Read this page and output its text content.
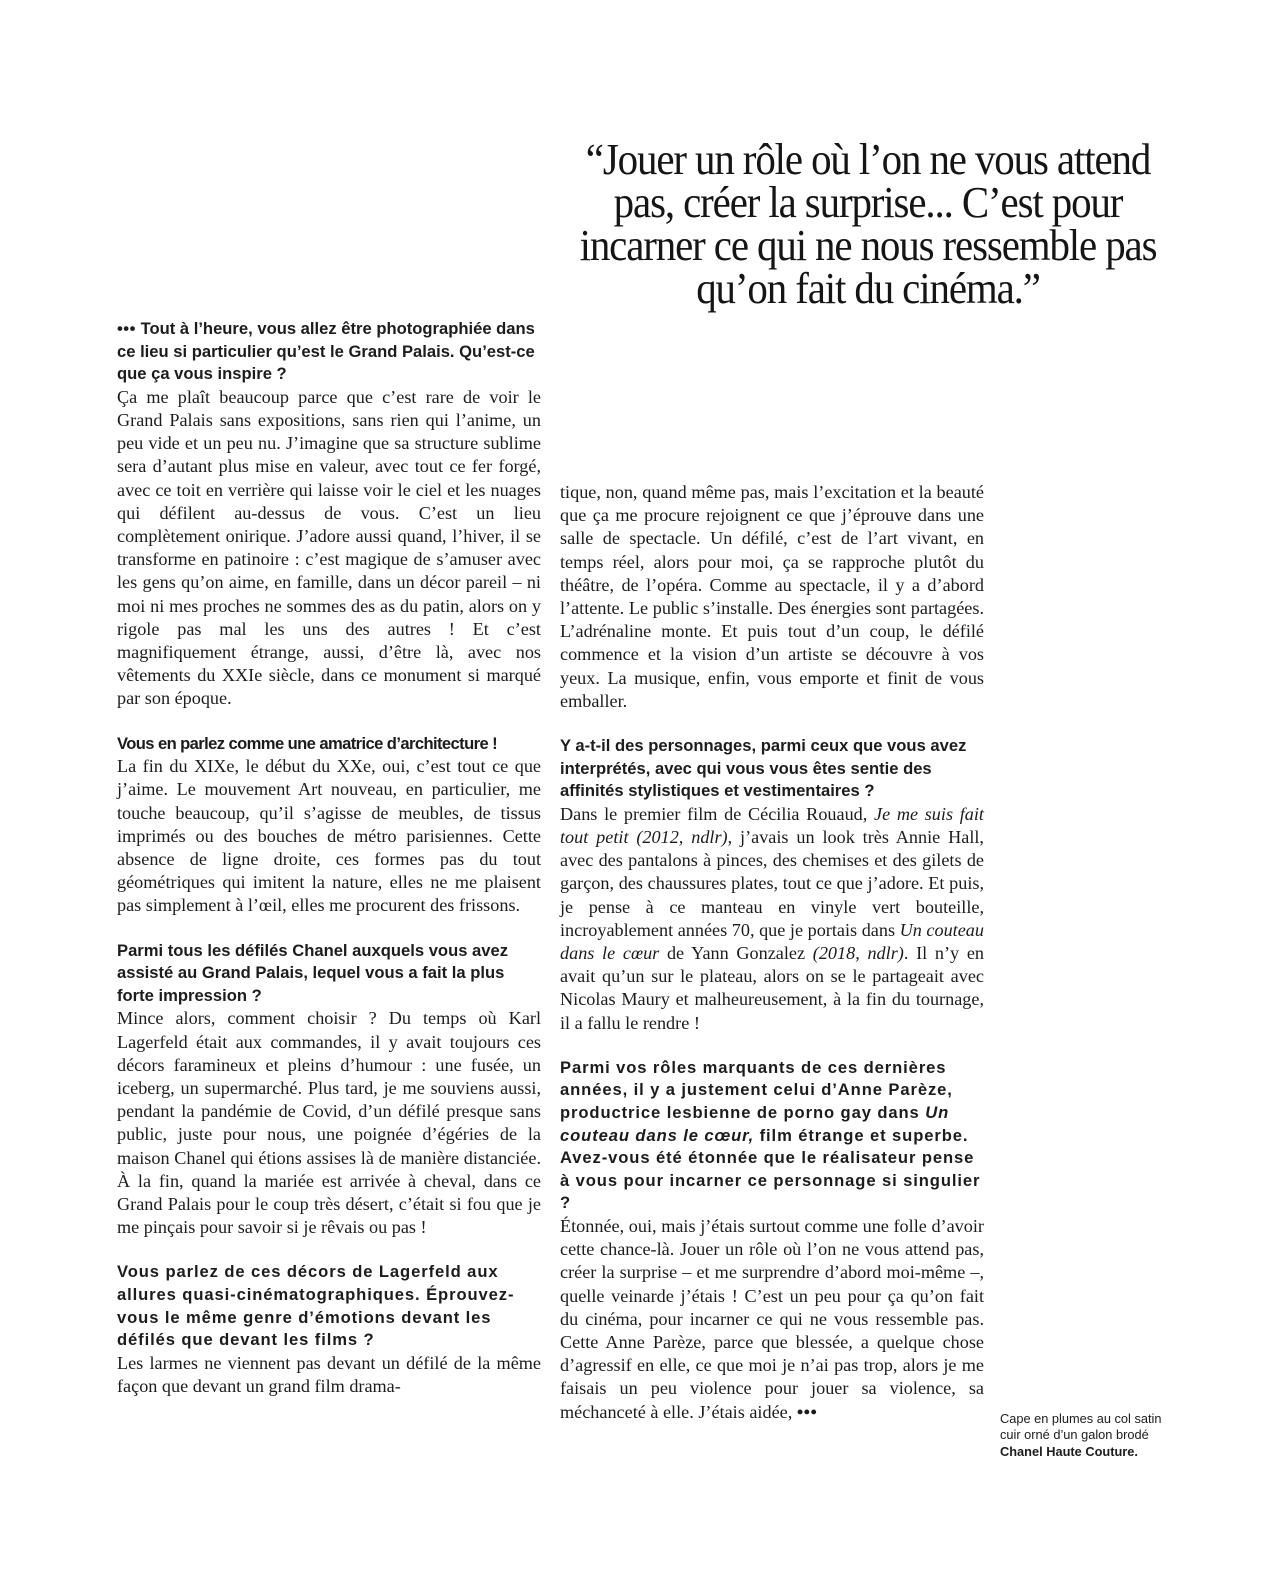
“Jouer un rôle où l’on ne vous attend pas, créer la surprise... C’est pour incarner ce qui ne nous ressemble pas qu’on fait du cinéma.”

••• Tout à l’heure, vous allez être photographiée dans ce lieu si particulier qu’est le Grand Palais. Qu’est-ce que ça vous inspire ?

Ça me plaît beaucoup parce que c’est rare de voir le Grand Palais sans expositions, sans rien qui l’anime, un peu vide et un peu nu. J’imagine que sa structure sublime sera d’autant plus mise en valeur, avec tout ce fer forgé, avec ce toit en verrière qui laisse voir le ciel et les nuages qui défilent au-dessus de vous. C’est un lieu complètement onirique. J’adore aussi quand, l’hiver, il se transforme en patinoire : c’est magique de s’amuser avec les gens qu’on aime, en famille, dans un décor pareil – ni moi ni mes proches ne sommes des as du patin, alors on y rigole pas mal les uns des autres ! Et c’est magnifiquement étrange, aussi, d’être là, avec nos vêtements du XXIe siècle, dans ce monument si marqué par son époque.

Vous en parlez comme une amatrice d’architecture !

La fin du XIXe, le début du XXe, oui, c’est tout ce que j’aime. Le mouvement Art nouveau, en particulier, me touche beaucoup, qu’il s’agisse de meubles, de tissus imprimés ou des bouches de métro parisiennes. Cette absence de ligne droite, ces formes pas du tout géométriques qui imitent la nature, elles ne me plaisent pas simplement à l’œil, elles me procurent des frissons.

Parmi tous les défilés Chanel auxquels vous avez assisté au Grand Palais, lequel vous a fait la plus forte impression ?

Mince alors, comment choisir ? Du temps où Karl Lagerfeld était aux commandes, il y avait toujours ces décors faramineux et pleins d’humour : une fusée, un iceberg, un supermarché. Plus tard, je me souviens aussi, pendant la pandémie de Covid, d’un défilé presque sans public, juste pour nous, une poignée d’égéries de la maison Chanel qui étions assises là de manière distanciée. À la fin, quand la mariée est arrivée à cheval, dans ce Grand Palais pour le coup très désert, c’était si fou que je me pinçais pour savoir si je rêvais ou pas !

Vous parlez de ces décors de Lagerfeld aux allures quasi-cinématographiques. Éprouvez-vous le même genre d’émotions devant les défilés que devant les films ?

Les larmes ne viennent pas devant un défilé de la même façon que devant un grand film drama-

tique, non, quand même pas, mais l’excitation et la beauté que ça me procure rejoignent ce que j’éprouve dans une salle de spectacle. Un défilé, c’est de l’art vivant, en temps réel, alors pour moi, ça se rapproche plutôt du théâtre, de l’opéra. Comme au spectacle, il y a d’abord l’attente. Le public s’installe. Des énergies sont partagées. L’adrénaline monte. Et puis tout d’un coup, le défilé commence et la vision d’un artiste se découvre à vos yeux. La musique, enfin, vous emporte et finit de vous emballer.

Y a-t-il des personnages, parmi ceux que vous avez interprétés, avec qui vous vous êtes sentie des affinités stylistiques et vestimentaires ?

Dans le premier film de Cécilia Rouaud, Je me suis fait tout petit (2012, ndlr), j’avais un look très Annie Hall, avec des pantalons à pinces, des chemises et des gilets de garçon, des chaussures plates, tout ce que j’adore. Et puis, je pense à ce manteau en vinyle vert bouteille, incroyablement années 70, que je portais dans Un couteau dans le cœur de Yann Gonzalez (2018, ndlr). Il n’y en avait qu’un sur le plateau, alors on se le partageait avec Nicolas Maury et malheureusement, à la fin du tournage, il a fallu le rendre !

Parmi vos rôles marquants de ces dernières années, il y a justement celui d’Anne Parèze, productrice lesbienne de porno gay dans Un couteau dans le cœur, film étrange et superbe. Avez-vous été étonnée que le réalisateur pense à vous pour incarner ce personnage si singulier ?

Étonnée, oui, mais j’étais surtout comme une folle d’avoir cette chance-là. Jouer un rôle où l’on ne vous attend pas, créer la surprise – et me surprendre d’abord moi-même –, quelle veinarde j’étais ! C’est un peu pour ça qu’on fait du cinéma, pour incarner ce qui ne vous ressemble pas. Cette Anne Parèze, parce que blessée, a quelque chose d’agressif en elle, ce que moi je n’ai pas trop, alors je me faisais un peu violence pour jouer sa violence, sa méchanceté à elle. J’étais aidée, •••	Cape en plumes au col satin cuir orné d’un galon brodé
Chanel Haute Couture.
